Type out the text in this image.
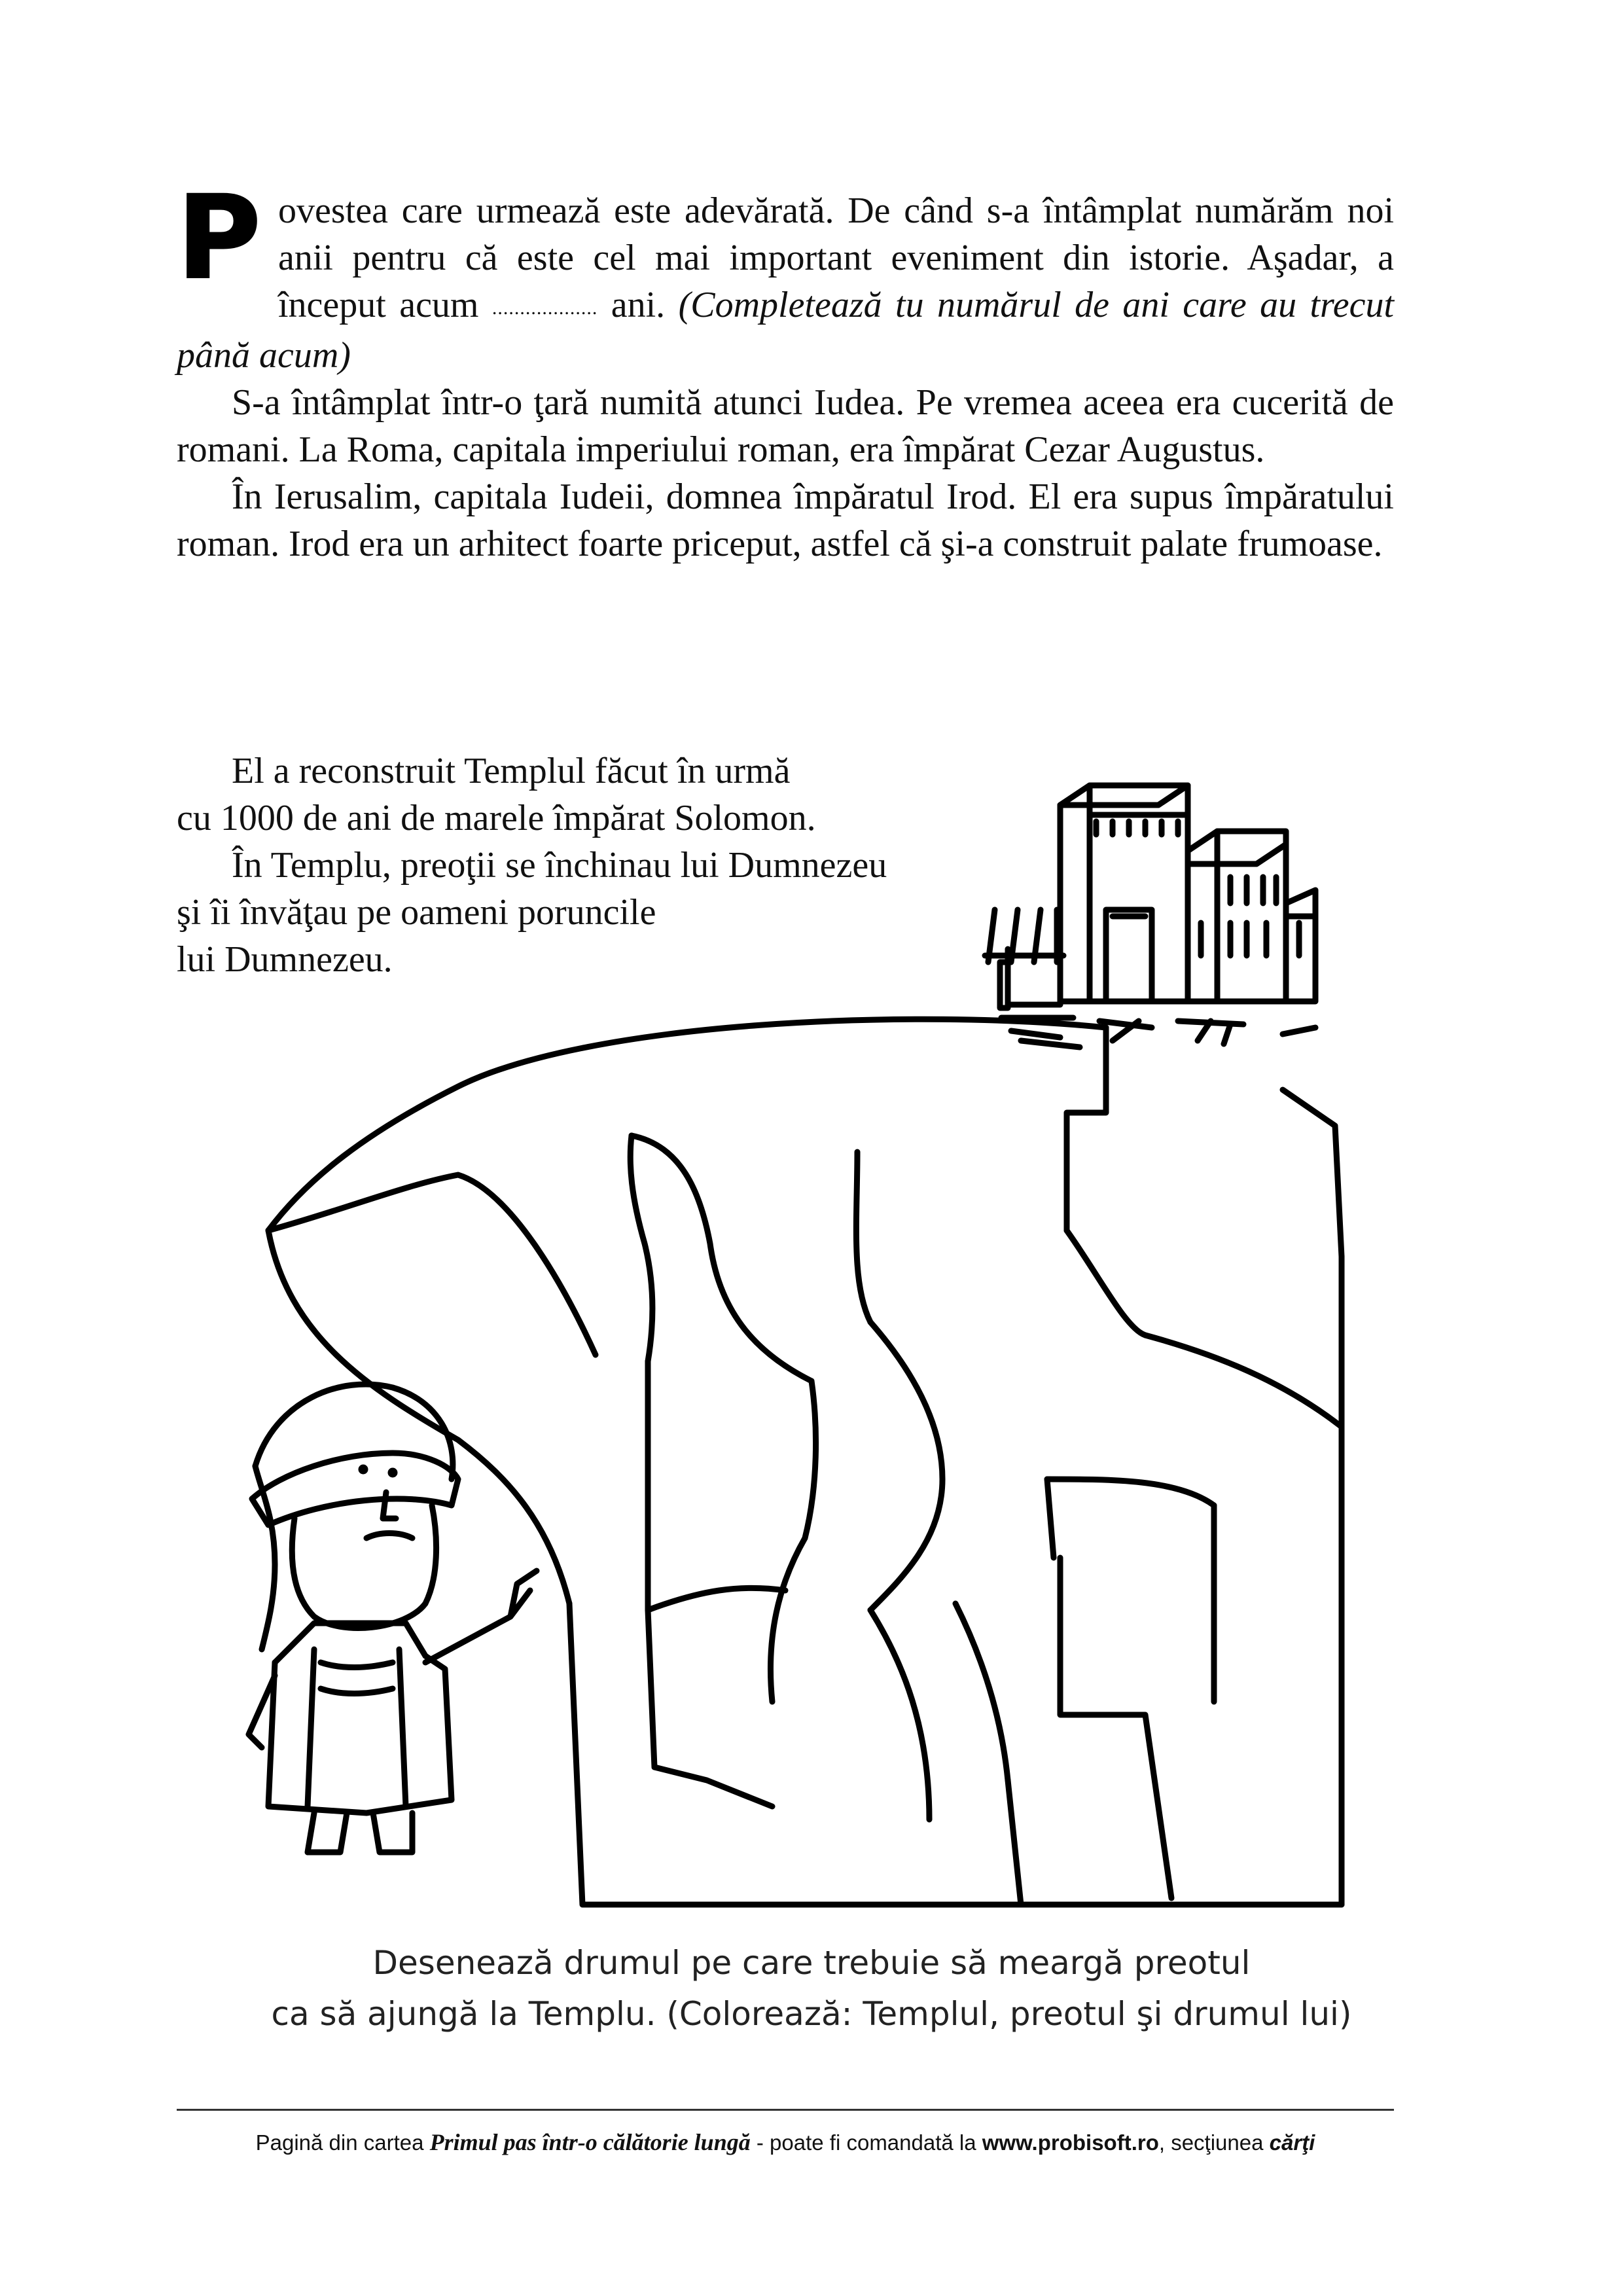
Povestea care urmează este adevărată. De când s-a întâmplat numărăm noi anii pentru că este cel mai important eveniment din istorie. Aşadar, a început acum ................... ani. (Completează tu numărul de ani care au trecut până acum)

S-a întâmplat într-o ţară numită atunci Iudea. Pe vremea aceea era cucerită de romani. La Roma, capitala imperiului roman, era împărat Cezar Augustus.

În Ierusalim, capitala Iudeii, domnea împăratul Irod. El era supus împăratului roman. Irod era un arhitect foarte priceput, astfel că şi-a construit palate frumoase.

El a reconstruit Templul făcut în urmă
cu 1000 de ani de marele împărat Solomon.
În Templu, preoţii se închinau lui Dumnezeu
şi îi învăţau pe oameni poruncile
lui Dumnezeu.
Desenează drumul pe care trebuie să meargă preotul
ca să ajungă la Templu. (Colorează: Templul, preotul şi drumul lui)
Pagină din cartea Primul pas într-o călătorie lungă - poate fi comandată la www.probisoft.ro, secţiunea cărţi
